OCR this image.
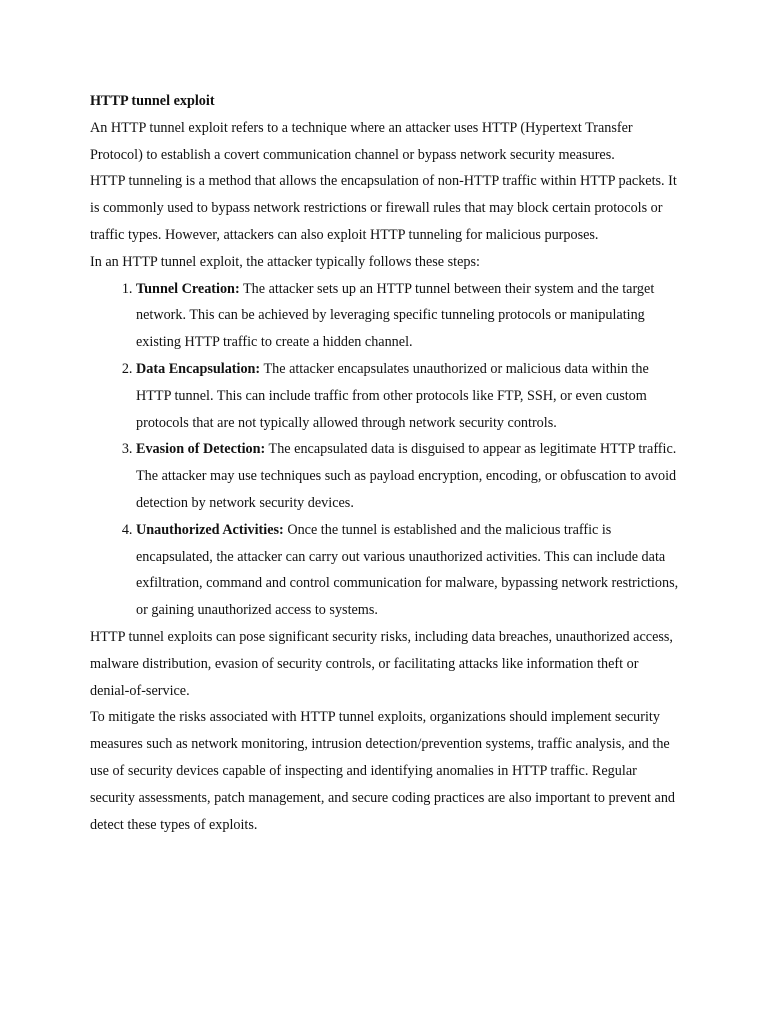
HTTP tunnel exploit

An HTTP tunnel exploit refers to a technique where an attacker uses HTTP (Hypertext Transfer Protocol) to establish a covert communication channel or bypass network security measures.

HTTP tunneling is a method that allows the encapsulation of non-HTTP traffic within HTTP packets. It is commonly used to bypass network restrictions or firewall rules that may block certain protocols or traffic types. However, attackers can also exploit HTTP tunneling for malicious purposes.

In an HTTP tunnel exploit, the attacker typically follows these steps:

1. Tunnel Creation: The attacker sets up an HTTP tunnel between their system and the target network. This can be achieved by leveraging specific tunneling protocols or manipulating existing HTTP traffic to create a hidden channel.
2. Data Encapsulation: The attacker encapsulates unauthorized or malicious data within the HTTP tunnel. This can include traffic from other protocols like FTP, SSH, or even custom protocols that are not typically allowed through network security controls.
3. Evasion of Detection: The encapsulated data is disguised to appear as legitimate HTTP traffic. The attacker may use techniques such as payload encryption, encoding, or obfuscation to avoid detection by network security devices.
4. Unauthorized Activities: Once the tunnel is established and the malicious traffic is encapsulated, the attacker can carry out various unauthorized activities. This can include data exfiltration, command and control communication for malware, bypassing network restrictions, or gaining unauthorized access to systems.

HTTP tunnel exploits can pose significant security risks, including data breaches, unauthorized access, malware distribution, evasion of security controls, or facilitating attacks like information theft or denial-of-service.

To mitigate the risks associated with HTTP tunnel exploits, organizations should implement security measures such as network monitoring, intrusion detection/prevention systems, traffic analysis, and the use of security devices capable of inspecting and identifying anomalies in HTTP traffic. Regular security assessments, patch management, and secure coding practices are also important to prevent and detect these types of exploits.
